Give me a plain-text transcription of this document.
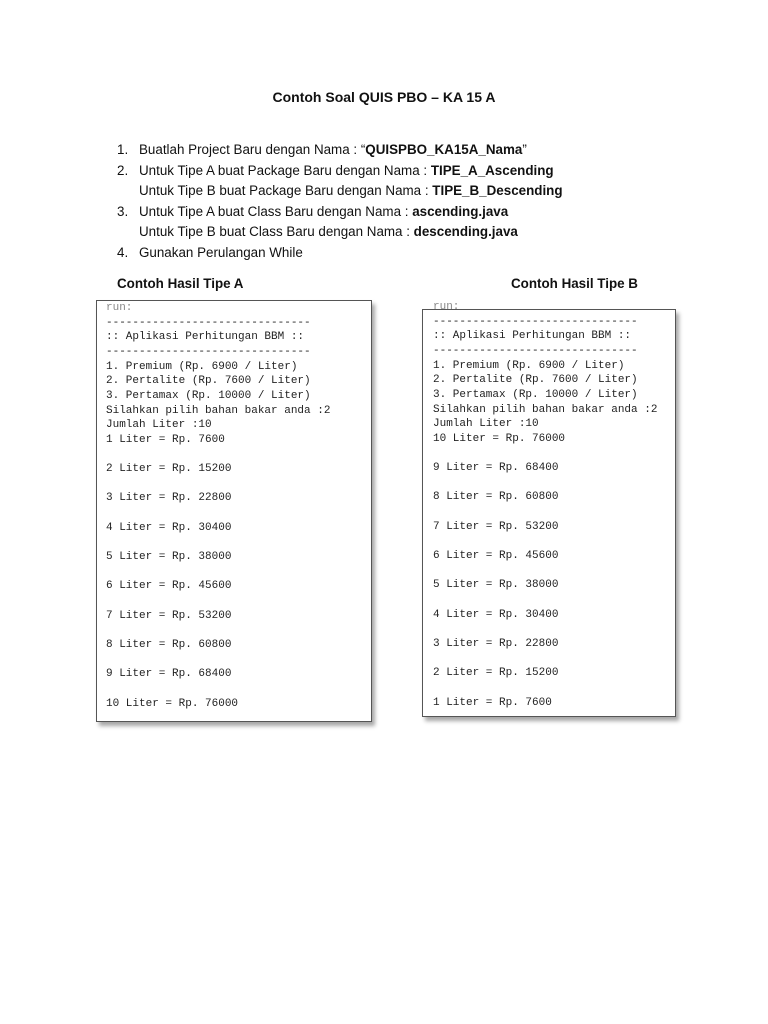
Contoh Soal QUIS PBO – KA 15 A
1. Buatlah Project Baru dengan Nama : “QUISPBO_KA15A_Nama”
2. Untuk Tipe A buat Package Baru dengan Nama : TIPE_A_Ascending
Untuk Tipe B buat Package Baru dengan Nama : TIPE_B_Descending
3. Untuk Tipe A buat Class Baru dengan Nama : ascending.java
Untuk Tipe B buat Class Baru dengan Nama : descending.java
4. Gunakan Perulangan While
Contoh Hasil Tipe A	Contoh Hasil Tipe B
run:
-------------------------------
:: Aplikasi Perhitungan BBM ::
-------------------------------
1. Premium (Rp. 6900 / Liter)
2. Pertalite (Rp. 7600 / Liter)
3. Pertamax (Rp. 10000 / Liter)
Silahkan pilih bahan bakar anda :2
Jumlah Liter :10
1 Liter = Rp. 7600
2 Liter = Rp. 15200
3 Liter = Rp. 22800
4 Liter = Rp. 30400
5 Liter = Rp. 38000
6 Liter = Rp. 45600
7 Liter = Rp. 53200
8 Liter = Rp. 60800
9 Liter = Rp. 68400
10 Liter = Rp. 76000
run:
-------------------------------
:: Aplikasi Perhitungan BBM ::
-------------------------------
1. Premium (Rp. 6900 / Liter)
2. Pertalite (Rp. 7600 / Liter)
3. Pertamax (Rp. 10000 / Liter)
Silahkan pilih bahan bakar anda :2
Jumlah Liter :10
10 Liter = Rp. 76000
9 Liter = Rp. 68400
8 Liter = Rp. 60800
7 Liter = Rp. 53200
6 Liter = Rp. 45600
5 Liter = Rp. 38000
4 Liter = Rp. 30400
3 Liter = Rp. 22800
2 Liter = Rp. 15200
1 Liter = Rp. 7600
